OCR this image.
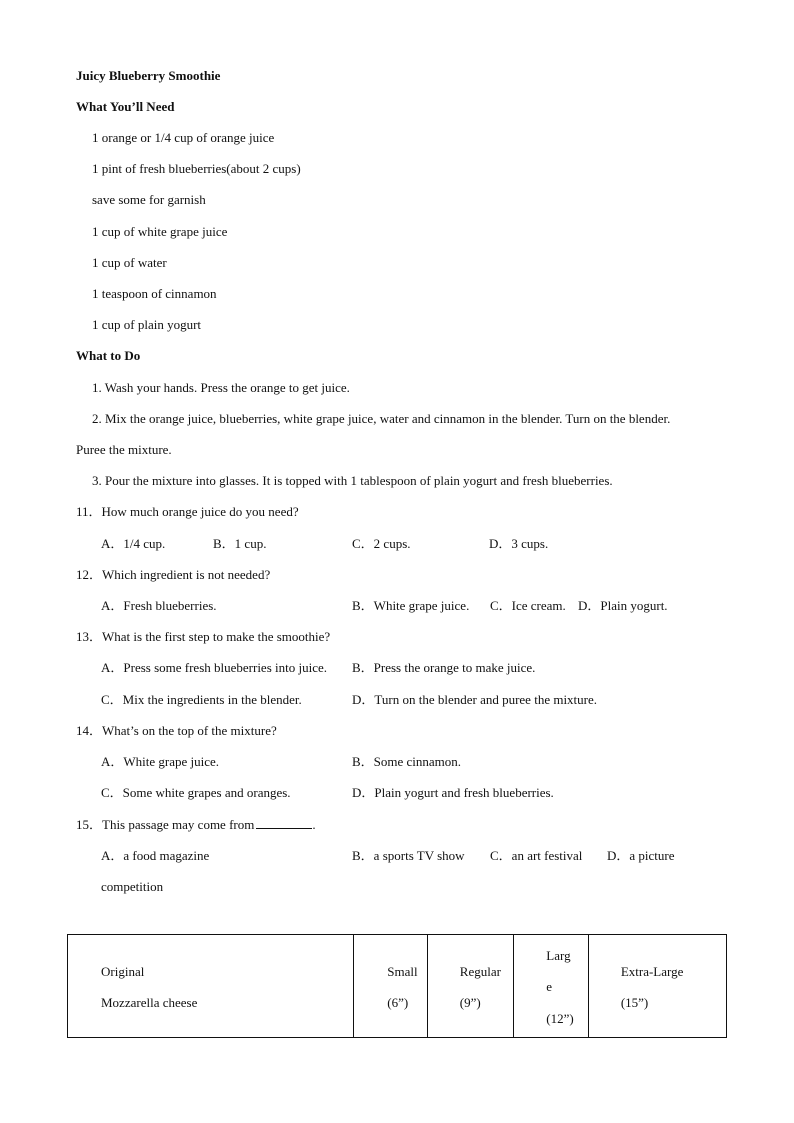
Juicy Blueberry Smoothie
What You’ll Need
1 orange or 1/4 cup of orange juice
1 pint of fresh blueberries(about 2 cups)
save some for garnish
1 cup of white grape juice
1 cup of water
1 teaspoon of cinnamon
1 cup of plain yogurt
What to Do
1. Wash your hands. Press the orange to get juice.
2. Mix the orange juice, blueberries, white grape juice, water and cinnamon in the blender. Turn on the blender.
Puree the mixture.
3. Pour the mixture into glasses. It is topped with 1 tablespoon of plain yogurt and fresh blueberries.
11．How much orange juice do you need?
A．1/4 cup.	B．1 cup.	C．2 cups.	D．3 cups.
12．Which ingredient is not needed?
A．Fresh blueberries.	B．White grape juice. C．Ice cream. D．Plain yogurt.
13．What is the first step to make the smoothie?
A．Press some fresh blueberries into juice. B．Press the orange to make juice.
C．Mix the ingredients in the blender.	D．Turn on the blender and puree the mixture.
14．What’s on the top of the mixture?
A．White grape juice.	B．Some cinnamon.
C．Some white grapes and oranges.	D．Plain yogurt and fresh blueberries.
15．This passage may come from	.
A．a food magazine	B．a sports TV show C．an art festival D．a picture
competition
Original
Mozzarella cheese

Small
(6”)

Regular
(9”)

Larg
e
(12”)

Extra-Large
(15”)
